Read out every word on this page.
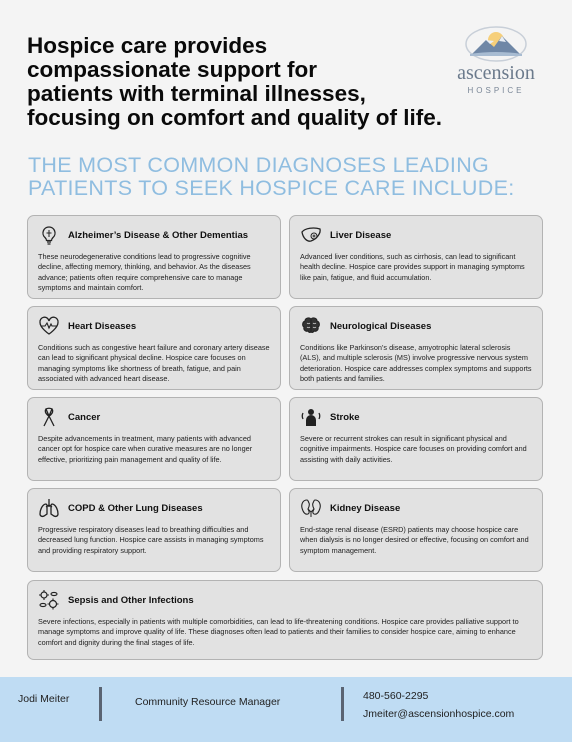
Hospice care provides
compassionate support for
patients with terminal illnesses,
focusing on comfort and quality of life.
ascension
HOSPICE
THE MOST COMMON DIAGNOSES LEADING
PATIENTS TO SEEK HOSPICE CARE INCLUDE:
Alzheimer’s Disease & Other Dementias
These neurodegenerative conditions lead to progressive cognitive decline, affecting memory, thinking, and behavior. As the diseases advance; patients often require comprehensive care to manage symptoms and maintain comfort.
Liver Disease
Advanced liver conditions, such as cirrhosis, can lead to significant health decline. Hospice care provides support in managing symptoms like pain, fatigue, and fluid accumulation.
Heart Diseases
Conditions such as congestive heart failure and coronary artery disease can lead to significant physical decline. Hospice care focuses on managing symptoms like shortness of breath, fatigue, and pain associated with advanced heart disease.
Neurological Diseases
Conditions like Parkinson’s disease, amyotrophic lateral sclerosis (ALS), and multiple sclerosis (MS) involve progressive nervous system deterioration. Hospice care addresses complex symptoms and supports both patients and families.
Cancer
Despite advancements in treatment, many patients with advanced cancer opt for hospice care when curative measures are no longer effective, prioritizing pain management and quality of life.
Stroke
Severe or recurrent strokes can result in significant physical and cognitive impairments. Hospice care focuses on providing comfort and assisting with daily activities.
COPD & Other Lung Diseases
Progressive respiratory diseases lead to breathing difficulties and decreased lung function. Hospice care assists in managing symptoms and providing respiratory support.
Kidney Disease
End-stage renal disease (ESRD) patients may choose hospice care when dialysis is no longer desired or effective, focusing on comfort and symptom management.
Sepsis and Other Infections
Severe infections, especially in patients with multiple comorbidities, can lead to life-threatening conditions. Hospice care provides palliative support to manage symptoms and improve quality of life. These diagnoses often lead to patients and their families to consider hospice care, aiming to enhance comfort and dignity during the final stages of life.
Jodi Meiter	Community Resource Manager	480-560-2295
Jmeiter@ascensionhospice.com
